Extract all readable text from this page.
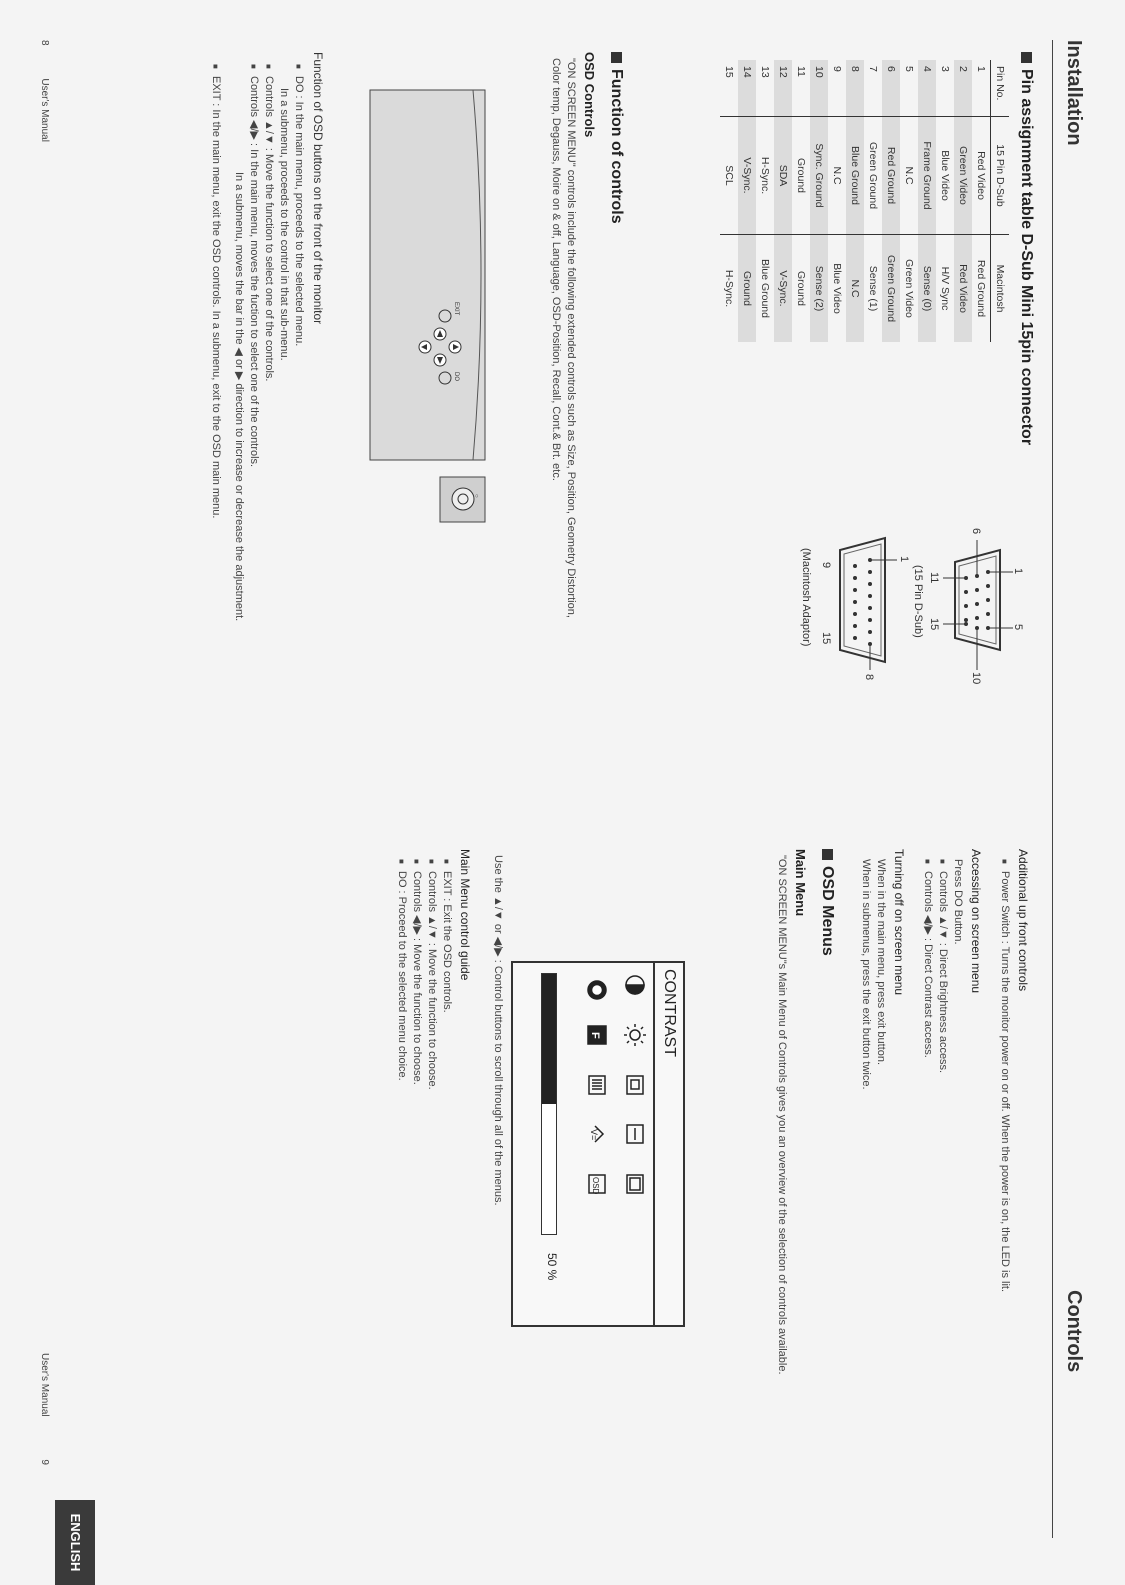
Installation
Pin assignment table D-Sub Mini 15pin connector
Pin No.	15 Pin D-Sub	Macintosh
1	Red Video	Red Ground
2	Green Video	Red Video
3	Blue Video	H/V Sync
4	Frame Ground	Sense (0)
5	N.C	Green Video
6	Red Ground	Green Ground
7	Green Ground	Sense (1)
8	Blue Ground	N.C
9	N.C	Blue Video
10	Sync. Ground	Sense (2)
11	Ground	Ground
12	SDA	V-Sync.
13	H-Sync.	Blue Ground
14	V-Sync.	Ground
15	SCL	H-Sync.
1
5
6
10
11
15
(15 Pin D-Sub)
1
8
9
15
(Macintosh Adaptor)
Function of controls
OSD Controls

"ON SCREEN MENU" controls include the following extended controls such as Size, Position, Geometry Distortion, Color temp, Degauss, Moire on & off, Language, OSD-Position, Recall, Cont.& Brt. etc.

EXIT
DO
○

Function of OSD buttons on the front of the monitor

■ DO : In the main menu, proceeds to the selected menu.

In a submenu, proceeds to the control in that sub-menu.

■ Controls ▲/▼ : Move the function to select one of the controls.

■ Controls ◀/▶ : In the main menu, moves the fuction to select one of the controls.

In a submenu, moves the bar in the ◀ or ▶ direction to increase or decrease the adjustment.

■ EXIT : In the main menu, exit the OSD controls. In a submenu, exit to the OSD main menu.

8 User's Manual
Controls
Additional up front controls

■ Power Switch : Turns the monitor power on or off. When the power is on, the LED is lit.

Accessing on screen menu

Press DO Button.

■ Controls ▲/▼ : Direct Brightness access.

■ Controls ◀/▶ : Direct Contrast access.

Turning off on screen menu

When in the main menu, press exit button.

When in submenus, press the exit button twice.

OSD Menus
Main Menu

"ON SCREEN MENU"s Main Menu of Controls gives you an overview of the selection of controls available.

CONTRAST
F
V=
OSD
50 %

Use the ▲/▼ or ◀/▶ : Control buttons to scroll through all of the menus.

Main Menu control guide

■ EXIT : Exit the OSD controls.

■ Controls ▲/▼ : Move the function to choose.

■ Controls ◀/▶ : Move the function to choose.

■ DO : Proceed to the selected menu choice.

User's Manual 9
ENGLISH
